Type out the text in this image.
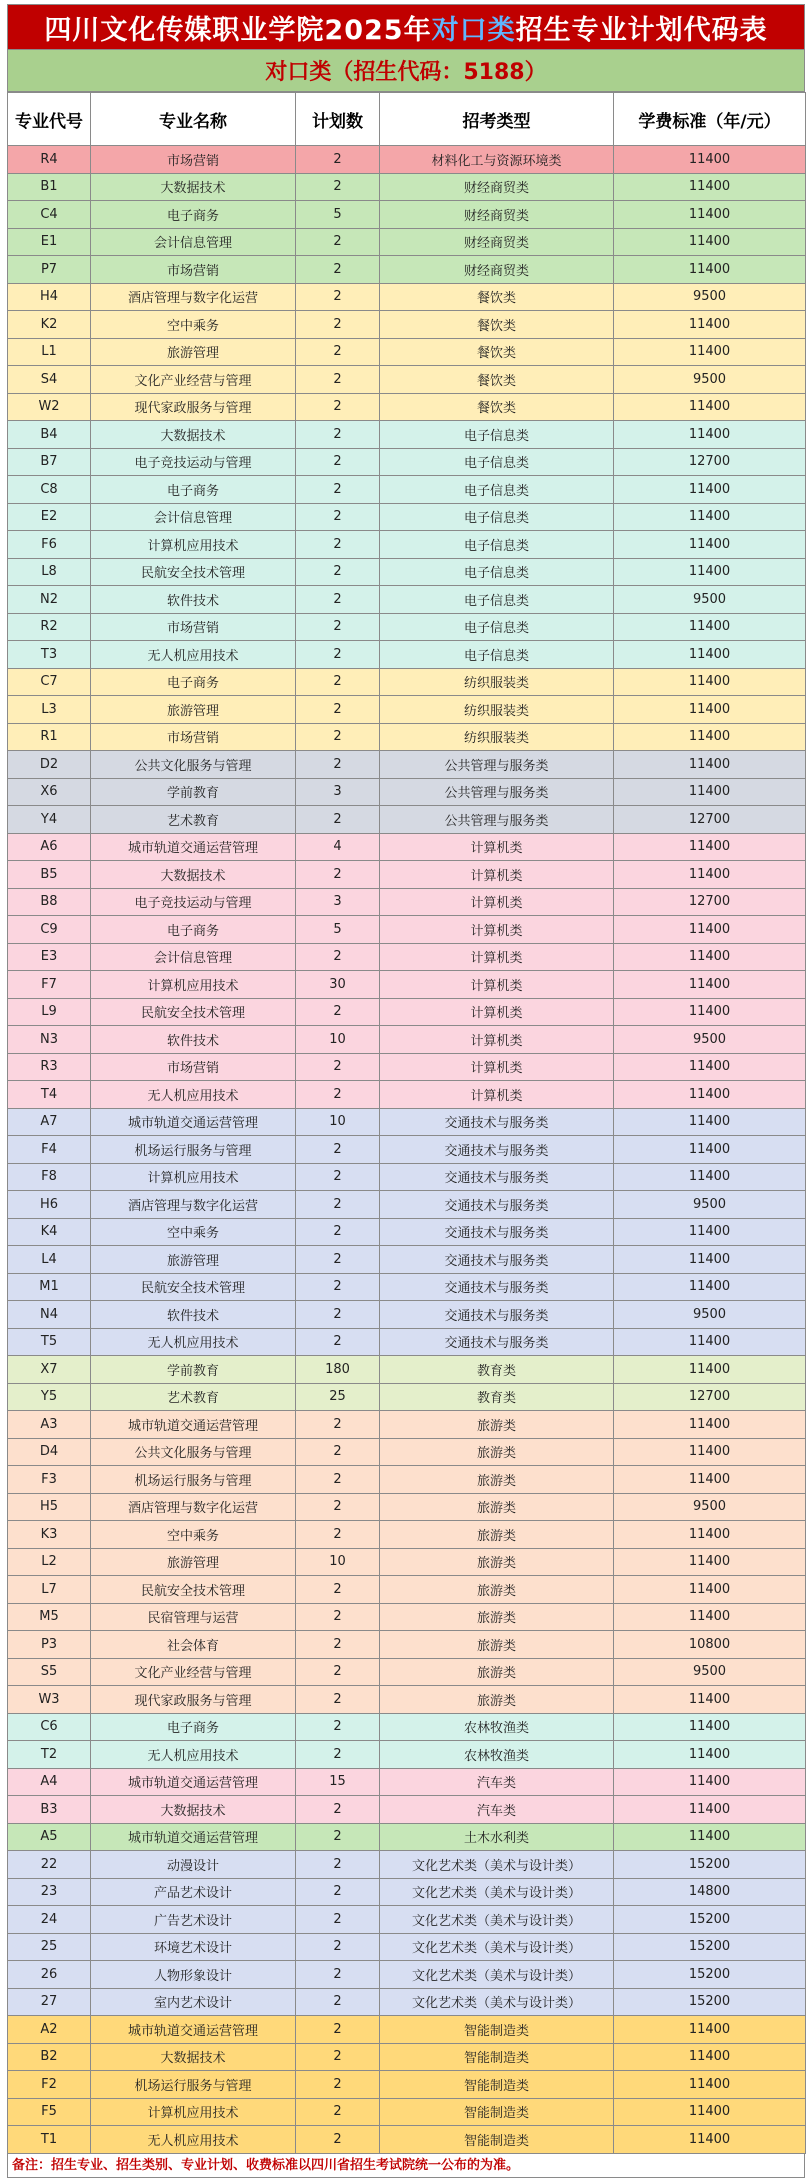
四川文化传媒职业学院2025年 对口类 招生专业计划代码表
对口类（招生代码：5188）
专业代号	专业名称	计划数	招考类型	学费标准（年/元）
R4	市场营销	2	材料化工与资源环境类	11400
B1	大数据技术	2	财经商贸类	11400
C4	电子商务	5	财经商贸类	11400
E1	会计信息管理	2	财经商贸类	11400
P7	市场营销	2	财经商贸类	11400
H4	酒店管理与数字化运营	2	餐饮类	9500
K2	空中乘务	2	餐饮类	11400
L1	旅游管理	2	餐饮类	11400
S4	文化产业经营与管理	2	餐饮类	9500
W2	现代家政服务与管理	2	餐饮类	11400
B4	大数据技术	2	电子信息类	11400
B7	电子竞技运动与管理	2	电子信息类	12700
C8	电子商务	2	电子信息类	11400
E2	会计信息管理	2	电子信息类	11400
F6	计算机应用技术	2	电子信息类	11400
L8	民航安全技术管理	2	电子信息类	11400
N2	软件技术	2	电子信息类	9500
R2	市场营销	2	电子信息类	11400
T3	无人机应用技术	2	电子信息类	11400
C7	电子商务	2	纺织服装类	11400
L3	旅游管理	2	纺织服装类	11400
R1	市场营销	2	纺织服装类	11400
D2	公共文化服务与管理	2	公共管理与服务类	11400
X6	学前教育	3	公共管理与服务类	11400
Y4	艺术教育	2	公共管理与服务类	12700
A6	城市轨道交通运营管理	4	计算机类	11400
B5	大数据技术	2	计算机类	11400
B8	电子竞技运动与管理	3	计算机类	12700
C9	电子商务	5	计算机类	11400
E3	会计信息管理	2	计算机类	11400
F7	计算机应用技术	30	计算机类	11400
L9	民航安全技术管理	2	计算机类	11400
N3	软件技术	10	计算机类	9500
R3	市场营销	2	计算机类	11400
T4	无人机应用技术	2	计算机类	11400
A7	城市轨道交通运营管理	10	交通技术与服务类	11400
F4	机场运行服务与管理	2	交通技术与服务类	11400
F8	计算机应用技术	2	交通技术与服务类	11400
H6	酒店管理与数字化运营	2	交通技术与服务类	9500
K4	空中乘务	2	交通技术与服务类	11400
L4	旅游管理	2	交通技术与服务类	11400
M1	民航安全技术管理	2	交通技术与服务类	11400
N4	软件技术	2	交通技术与服务类	9500
T5	无人机应用技术	2	交通技术与服务类	11400
X7	学前教育	180	教育类	11400
Y5	艺术教育	25	教育类	12700
A3	城市轨道交通运营管理	2	旅游类	11400
D4	公共文化服务与管理	2	旅游类	11400
F3	机场运行服务与管理	2	旅游类	11400
H5	酒店管理与数字化运营	2	旅游类	9500
K3	空中乘务	2	旅游类	11400
L2	旅游管理	10	旅游类	11400
L7	民航安全技术管理	2	旅游类	11400
M5	民宿管理与运营	2	旅游类	11400
P3	社会体育	2	旅游类	10800
S5	文化产业经营与管理	2	旅游类	9500
W3	现代家政服务与管理	2	旅游类	11400
C6	电子商务	2	农林牧渔类	11400
T2	无人机应用技术	2	农林牧渔类	11400
A4	城市轨道交通运营管理	15	汽车类	11400
B3	大数据技术	2	汽车类	11400
A5	城市轨道交通运营管理	2	土木水利类	11400
22	动漫设计	2	文化艺术类（美术与设计类）	15200
23	产品艺术设计	2	文化艺术类（美术与设计类）	14800
24	广告艺术设计	2	文化艺术类（美术与设计类）	15200
25	环境艺术设计	2	文化艺术类（美术与设计类）	15200
26	人物形象设计	2	文化艺术类（美术与设计类）	15200
27	室内艺术设计	2	文化艺术类（美术与设计类）	15200
A2	城市轨道交通运营管理	2	智能制造类	11400
B2	大数据技术	2	智能制造类	11400
F2	机场运行服务与管理	2	智能制造类	11400
F5	计算机应用技术	2	智能制造类	11400
T1	无人机应用技术	2	智能制造类	11400
备注：招生专业、招生类别、专业计划、收费标准以四川省招生考试院统一公布的为准。
